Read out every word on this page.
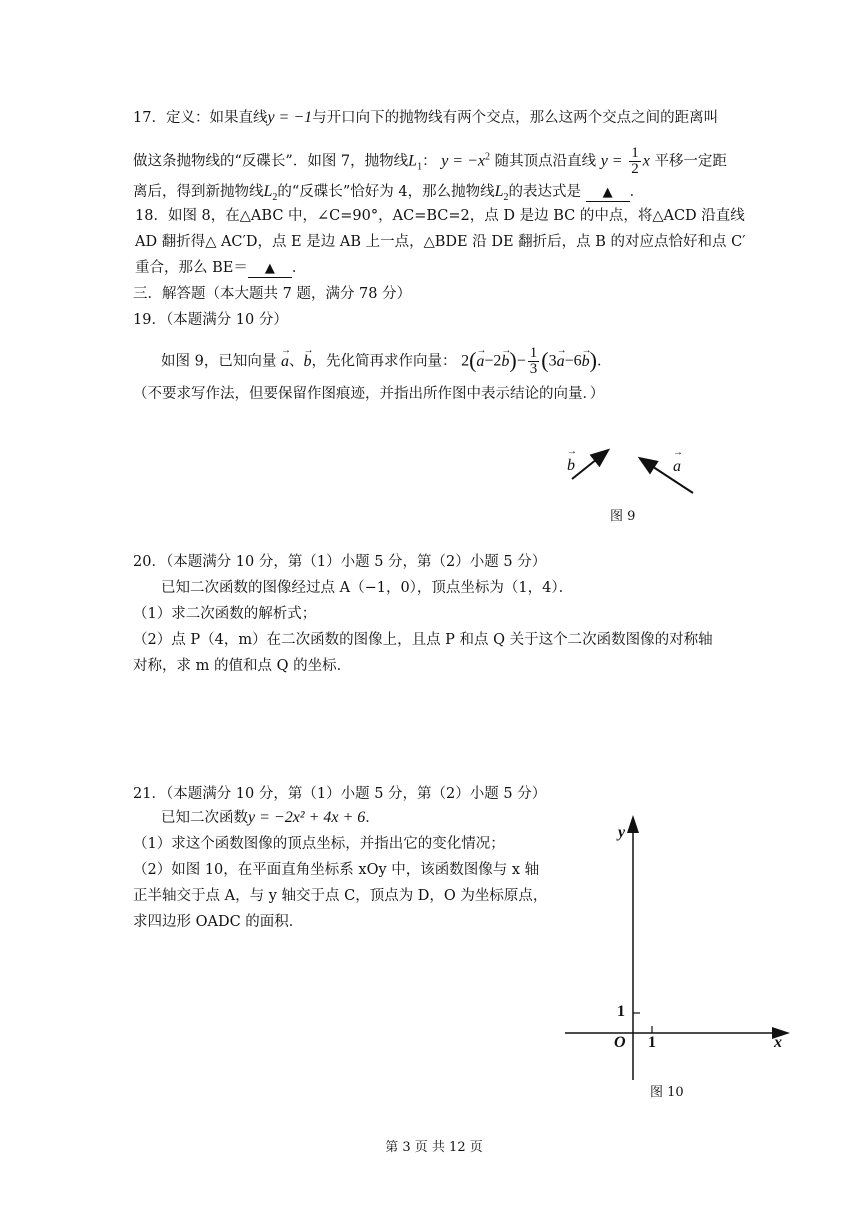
17．定义：如果直线y = −1与开口向下的抛物线有两个交点，那么这两个交点之间的距离叫
做这条抛物线的“反碟长”．如图 7，抛物线$L_1$： $y = -x^2$ 随其顶点沿直线 $y = \frac{1}{2}$ x 平移一定距
离后，得到新抛物线$L_2$的“反碟长”恰好为 4，那么抛物线$L_2$的表达式是 ▲ ．
18．如图 8，在△ABC 中，∠C=90°，AC=BC=2，点 D 是边 BC 的中点，将△ACD 沿直线
AD 翻折得△ AC′D，点 E 是边 AB 上一点，△BDE 沿 DE 翻折后，点 B 的对应点恰好和点 C′
重合，那么 BE＝ ▲ ．
三．解答题（本大题共 7 题，满分 78 分）
19．（本题满分 10 分）
如图 9，已知向量 → a、→ b，先化简再求作向量： $2(\to a-2\to b)- \frac{1}{3} (3\to a-6\to b)$．
（不要求写作法，但要保留作图痕迹，并指出所作图中表示结论的向量．）
→ b	→ a
图 9
20．（本题满分 10 分，第（1）小题 5 分，第（2）小题 5 分）
已知二次函数的图像经过点 A（−1，0），顶点坐标为（1，4）．
（1）求二次函数的解析式；
（2）点 P（4，m）在二次函数的图像上，且点 P 和点 Q 关于这个二次函数图像的对称轴
对称，求 m 的值和点 Q 的坐标．
21．（本题满分 10 分，第（1）小题 5 分，第（2）小题 5 分）
已知二次函数y = −2x² + 4x + 6．
（1）求这个函数图像的顶点坐标，并指出它的变化情况；
（2）如图 10，在平面直角坐标系 xOy 中，该函数图像与 x 轴
正半轴交于点 A，与 y 轴交于点 C，顶点为 D，O 为坐标原点，
求四边形 OADC 的面积．
y
x
O
1
1
图 10
第 3 页 共 12 页
